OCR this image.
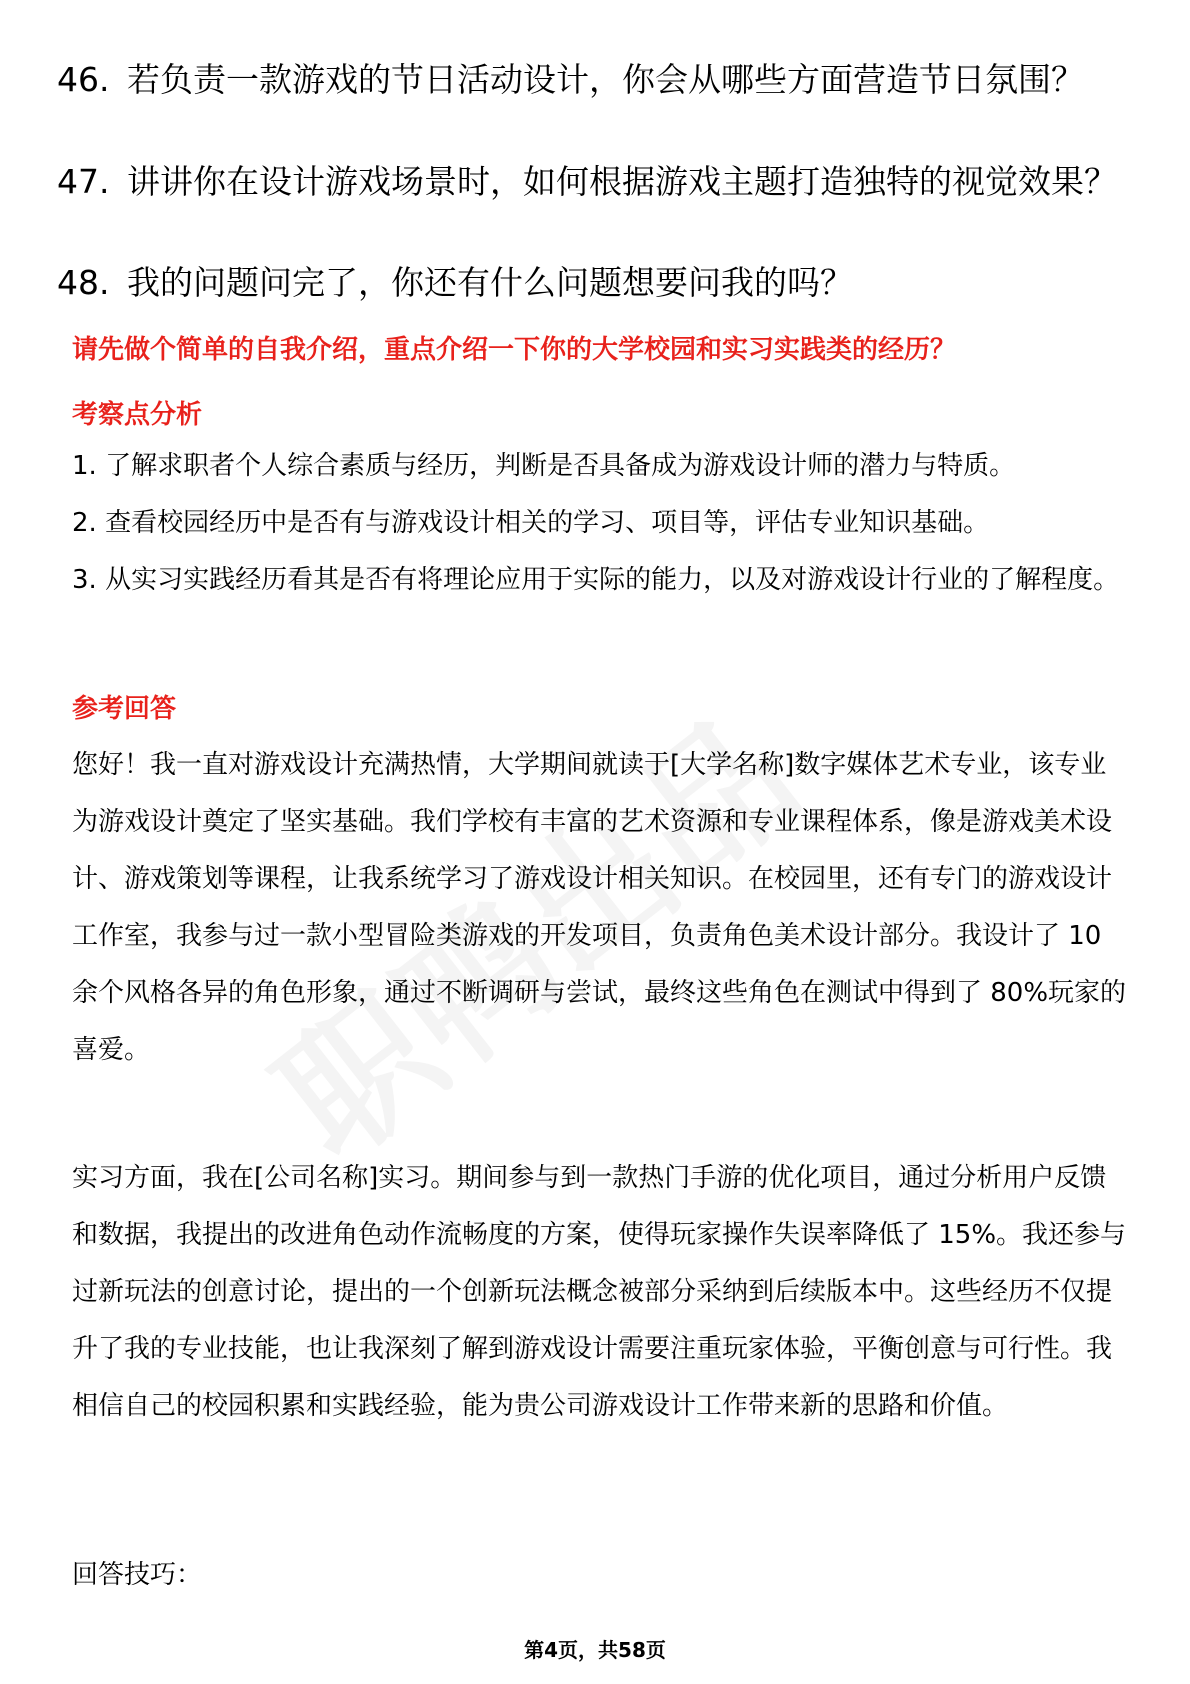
46. 若负责一款游戏的节日活动设计，你会从哪些方面营造节日氛围？
47. 讲讲你在设计游戏场景时，如何根据游戏主题打造独特的视觉效果？
48. 我的问题问完了，你还有什么问题想要问我的吗？
请先做个简单的自我介绍，重点介绍一下你的大学校园和实习实践类的经历？
考察点分析

1. 了解求职者个人综合素质与经历，判断是否具备成为游戏设计师的潜力与特质。

2. 查看校园经历中是否有与游戏设计相关的学习、项目等，评估专业知识基础。

3. 从实习实践经历看其是否有将理论应用于实际的能力，以及对游戏设计行业的了解程度。

参考回答

您好！我一直对游戏设计充满热情，大学期间就读于[大学名称]数字媒体艺术专业，该专业为游戏设计奠定了坚实基础。我们学校有丰富的艺术资源和专业课程体系，像是游戏美术设计、游戏策划等课程，让我系统学习了游戏设计相关知识。在校园里，还有专门的游戏设计工作室，我参与过一款小型冒险类游戏的开发项目，负责角色美术设计部分。我设计了 10 余个风格各异的角色形象，通过不断调研与尝试，最终这些角色在测试中得到了 80%玩家的喜爱。

实习方面，我在[公司名称]实习。期间参与到一款热门手游的优化项目，通过分析用户反馈和数据，我提出的改进角色动作流畅度的方案，使得玩家操作失误率降低了 15%。我还参与过新玩法的创意讨论，提出的一个创新玩法概念被部分采纳到后续版本中。这些经历不仅提升了我的专业技能，也让我深刻了解到游戏设计需要注重玩家体验，平衡创意与可行性。我相信自己的校园积累和实践经验，能为贵公司游戏设计工作带来新的思路和价值。

回答技巧：
第4页，共58页
